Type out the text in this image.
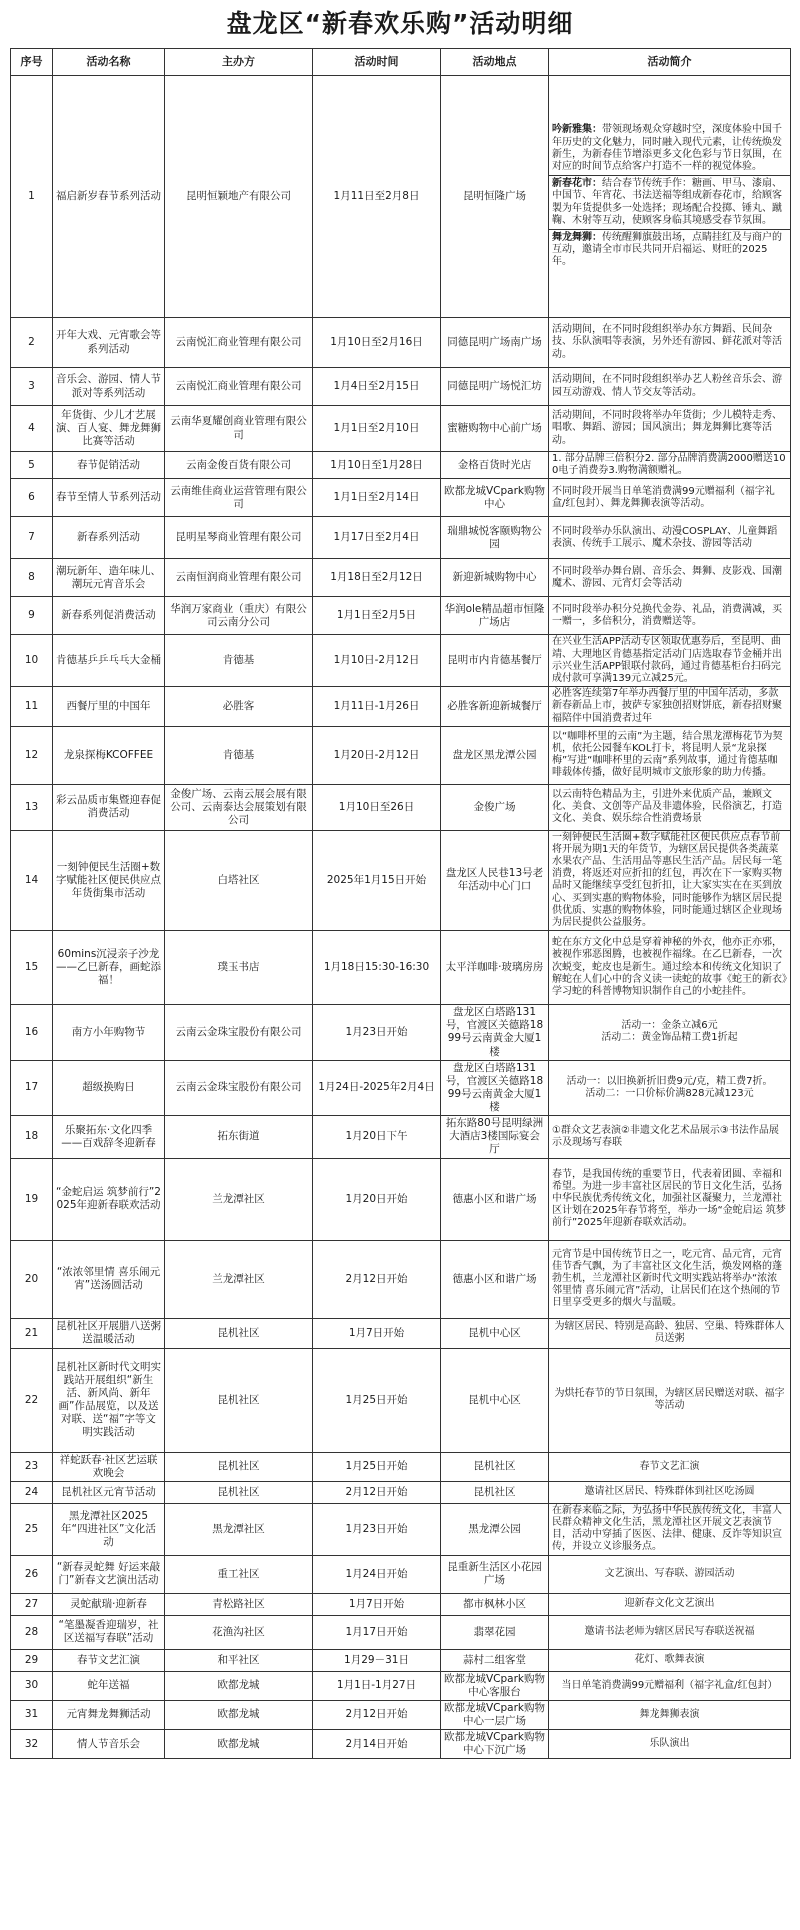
盘龙区“新春欢乐购”活动明细
序号	活动名称	主办方	活动时间	活动地点	活动简介
1	福启新岁春节系列活动	昆明恒颖地产有限公司	1月11日至2月8日	昆明恒隆广场	吟新雅集：带领现场观众穿越时空，深度体验中国千年历史的文化魅力，同时融入现代元素，让传统焕发新生，为新春佳节增添更多文化色彩与节日氛围，在对应的时间节点给客户打造不一样的视觉体验。
新春花市：结合春节传统手作：糖画、甲马、漆扇、中国节、年宵花、书法送福等组成新春花市，给顾客製为年货提供多一处选择；现场配合投掷、锤丸、蹴鞠、木射等互动，使顾客身临其境感受春节氛围。
舞龙舞狮：传统醒狮旗鼓出场，点睛挂红及与商户的互动，邀请全市市民共同开启福运、财旺的2025年。

2	开年大戏、元宵歌会等系列活动	云南悦汇商业管理有限公司	1月10日至2月16日	同德昆明广场南广场	活动期间，在不同时段组织举办东方舞蹈、民间杂技、乐队演唱等表演，另外还有游园、鲜花派对等活动。
3	音乐会、游园、情人节派对等系列活动	云南悦汇商业管理有限公司	1月4日至2月15日	同德昆明广场悦汇坊	活动期间，在不同时段组织举办艺人粉丝音乐会、游园互动游戏、情人节交友等活动。
4	年货街、少儿才艺展演、百人宴、舞龙舞狮比赛等活动	云南华夏耀创商业管理有限公司	1月1日至2月10日	蜜糖购物中心前广场	活动期间，不同时段将举办年货街；少儿模特走秀、唱歌、舞蹈、游园；国风演出；舞龙舞狮比赛等活动。
5	春节促销活动	云南金俊百货有限公司	1月10日至1月28日	金格百货时光店	1. 部分品牌三倍积分2. 部分品牌消费满2000赠送100电子消费券3.购物满额赠礼。
6	春节至情人节系列活动	云南维佳商业运营管理有限公司	1月1日至2月14日	欧都龙城VCpark购物中心	不同时段开展当日单笔消费满99元赠福利（福字礼盒/红包封）、舞龙舞狮表演等活动。
7	新春系列活动	昆明星琴商业管理有限公司	1月17日至2月4日	瑞鼎城悦客颐购物公园	不同时段举办乐队演出、动漫COSPLAY、儿童舞蹈表演、传统手工展示、魔术杂技、游园等活动
8	潮玩新年、造年味儿、潮玩元宵音乐会	云南恒润商业管理有限公司	1月18日至2月12日	新迎新城购物中心	不同时段举办舞台剧、音乐会、舞狮、皮影戏、国潮魔术、游园、元宵灯会等活动
9	新春系列促消费活动	华润万家商业（重庆）有限公司云南分公司	1月1日至2月5日	华润ole精品超市恒隆广场店	不同时段举办积分兑换代金券、礼品，消费满减，买一赠一，多倍积分，消费赠送等。
10	肯德基乒乒乓乓大金桶	肯德基	1月10日-2月12日	昆明市内肯德基餐厅	在兴业生活APP活动专区领取优惠券后，至昆明、曲靖、大理地区肯德基指定活动门店选取春节金桶并出示兴业生活APP银联付款码，通过肯德基柜台扫码完成付款可享满139元立减25元。
11	西餐厅里的中国年	必胜客	1月11日-1月26日	必胜客新迎新城餐厅	必胜客连续第7年举办西餐厅里的中国年活动，多款新春新品上市，披萨专家独创招财饼底，新春招财聚福陪伴中国消费者过年
12	龙泉探梅KCOFFEE	肯德基	1月20日-2月12日	盘龙区黑龙潭公园	以“咖啡杯里的云南”为主题，结合黑龙潭梅花节为契机，依托公园餐车KOL打卡，将昆明人景“龙泉探梅”写进“咖啡杯里的云南”系列故事，通过肯德基咖啡载体传播，做好昆明城市文旅形象的助力传播。
13	彩云品质市集暨迎春促消费活动	金俊广场、云南云展会展有限公司、云南泰达会展策划有限公司	1月10日至26日	金俊广场	以云南特色精品为主，引进外来优质产品，兼顾文化、美食、文创等产品及非遗体验，民俗演艺，打造文化、美食、娱乐综合性消费场景
14	一刻钟便民生活圈+数字赋能社区便民供应点年货街集市活动	白塔社区	2025年1月15日开始	盘龙区人民巷13号老年活动中心门口	一刻钟便民生活圈+数字赋能社区便民供应点春节前将开展为期1天的年货节，为辖区居民提供各类蔬菜水果农产品、生活用品等惠民生活产品。居民每一笔消费，将返还对应折扣的红包，再次在下一家购买物品时又能继续享受红包折扣，让大家实实在在买到放心、买到实惠的购物体验，同时能够作为辖区居民提供优质、实惠的购物体验，同时能通过辖区企业现场为居民提供公益服务。
15	60mins沉浸亲子沙龙——乙巳新春，画蛇添福！	璞玉书店	1月18日15:30-16:30	太平洋咖啡·玻璃房房	蛇在东方文化中总是穿着神秘的外衣，他亦正亦邪，被视作邪恶图腾，也被视作福缘。在乙巳新春，一次次蜕变，蛇皮也是新生。通过绘本和传统文化知识了解蛇在人们心中的含义读一读蛇的故事《蛇王的新衣》学习蛇的科普博物知识制作自己的小蛇挂件。
16	南方小年购物节	云南云金珠宝股份有限公司	1月23日开始	盘龙区白塔路131号，官渡区关德路1899号云南黄金大厦1楼	活动一：金条立减6元
活动二：黄金饰品精工费1折起
17	超级换购日	云南云金珠宝股份有限公司	1月24日-2025年2月4日	盘龙区白塔路131号，官渡区关德路1899号云南黄金大厦1楼	活动一：以旧换新折旧费9元/克，精工费7折。
活动二：一口价标价满828元减123元
18	乐聚拓东·文化四季——百戏辞冬迎新春	拓东街道	1月20日下午	拓东路80号昆明绿洲大酒店3楼国际宴会厅	①群众文艺表演②非遗文化艺术品展示③书法作品展示及现场写春联
19	“金蛇启运 筑梦前行”2025年迎新春联欢活动	兰龙潭社区	1月20日开始	德惠小区和谐广场	春节，是我国传统的重要节日，代表着团圆、幸福和希望。为进一步丰富社区居民的节日文化生活，弘扬中华民族优秀传统文化，加强社区凝聚力，兰龙潭社区计划在2025年春节将至，举办一场“金蛇启运 筑梦前行”2025年迎新春联欢活动。
20	“浓浓邻里情 喜乐闹元宵”送汤圆活动	兰龙潭社区	2月12日开始	德惠小区和谐广场	元宵节是中国传统节日之一，吃元宵、品元宵，元宵佳节香气飘，为了丰富社区文化生活，焕发网格的蓬勃生机，兰龙潭社区新时代文明实践站将举办“浓浓邻里情 喜乐闹元宵”活动，让居民们在这个热闹的节日里享受更多的烟火与温暖。
21	昆机社区开展腊八送粥送温暖活动	昆机社区	1月7日开始	昆机中心区	为辖区居民、特别是高龄、独居、空巢、特殊群体人员送粥
22	昆机社区新时代文明实践站开展组织“新生活、新风尚、新年画”作品展览，以及送对联、送“福”字等文明实践活动	昆机社区	1月25日开始	昆机中心区	为烘托春节的节日氛围，为辖区居民赠送对联、福字等活动
23	祥蛇跃春·社区艺运联欢晚会	昆机社区	1月25日开始	昆机社区	春节文艺汇演
24	昆机社区元宵节活动	昆机社区	2月12日开始	昆机社区	邀请社区居民、特殊群体到社区吃汤圆
25	黑龙潭社区2025年“四进社区”文化活动	黑龙潭社区	1月23日开始	黑龙潭公园	在新春来临之际，为弘扬中华民族传统文化，丰富人民群众精神文化生活，黑龙潭社区开展文艺表演节目，活动中穿插了医医、法律、健康、反诈等知识宣传，并设立义诊服务点。
26	“新春灵蛇舞 好运来敲门”新春文艺演出活动	重工社区	1月24日开始	昆重新生活区小花园广场	文艺演出、写春联、游园活动
27	灵蛇献瑞·迎新春	青松路社区	1月7日开始	都市枫林小区	迎新春文化文艺演出
28	“笔墨凝香迎瑞岁，社区送福写春联”活动	花渔沟社区	1月17日开始	翡翠花园	邀请书法老师为辖区居民写春联送祝福
29	春节文艺汇演	和平社区	1月29－31日	蒜村二组客堂	花灯、歌舞表演
30	蛇年送福	欧都龙城	1月1日-1月27日	欧都龙城VCpark购物中心客服台	当日单笔消费满99元赠福利（福字礼盒/红包封）
31	元宵舞龙舞狮活动	欧都龙城	2月12日开始	欧都龙城VCpark购物中心一层广场	舞龙舞狮表演
32	情人节音乐会	欧都龙城	2月14日开始	欧都龙城VCpark购物中心下沉广场	乐队演出
